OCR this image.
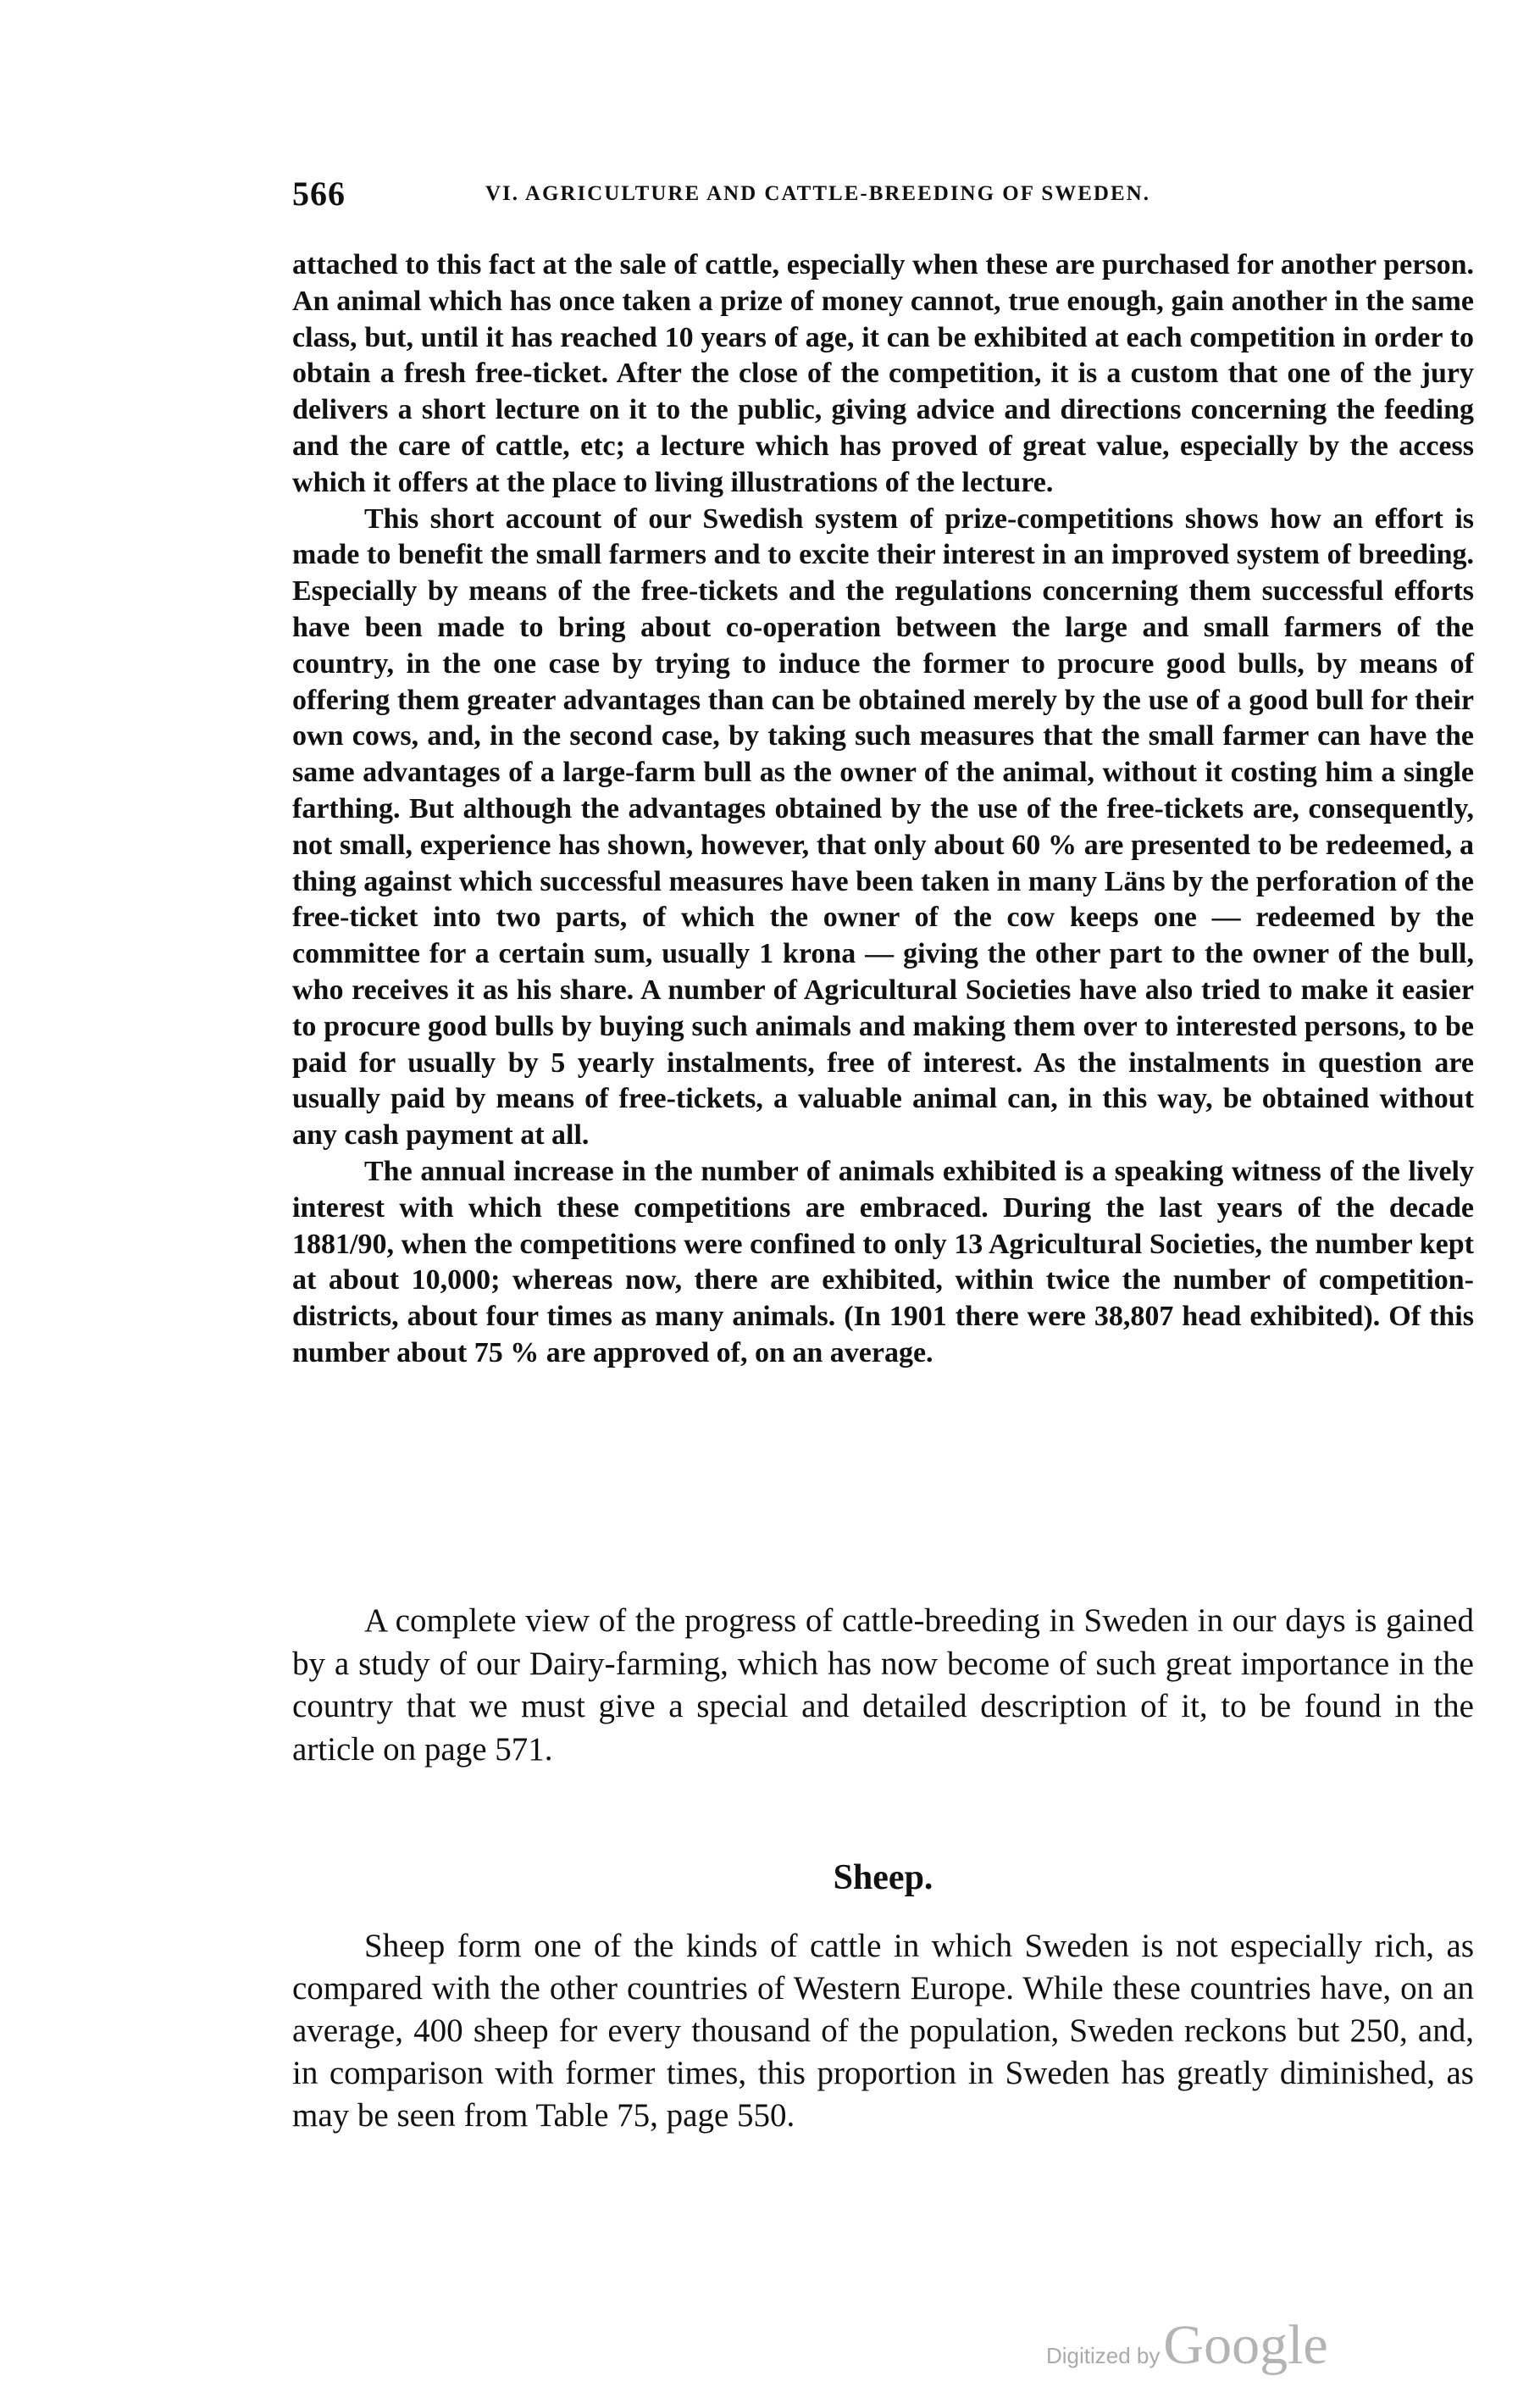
566	VI. AGRICULTURE AND CATTLE-BREEDING OF SWEDEN.

attached to this fact at the sale of cattle, especially when these are purchased for another person. An animal which has once taken a prize of money cannot, true enough, gain another in the same class, but, until it has reached 10 years of age, it can be exhibited at each competition in order to obtain a fresh free-ticket. After the close of the competition, it is a custom that one of the jury delivers a short lecture on it to the public, giving advice and directions concerning the feeding and the care of cattle, etc; a lecture which has proved of great value, especially by the access which it offers at the place to living illustrations of the lecture.

This short account of our Swedish system of prize-competitions shows how an effort is made to benefit the small farmers and to excite their interest in an improved system of breeding. Especially by means of the free-tickets and the regulations concerning them successful efforts have been made to bring about co-operation between the large and small farmers of the country, in the one case by trying to induce the former to procure good bulls, by means of offering them greater advantages than can be obtained merely by the use of a good bull for their own cows, and, in the second case, by taking such measures that the small farmer can have the same advantages of a large-farm bull as the owner of the animal, without it costing him a single farthing. But although the advantages obtained by the use of the free-tickets are, consequently, not small, experience has shown, however, that only about 60 % are presented to be redeemed, a thing against which successful measures have been taken in many Läns by the perforation of the free-ticket into two parts, of which the owner of the cow keeps one — redeemed by the committee for a certain sum, usually 1 krona — giving the other part to the owner of the bull, who receives it as his share. A number of Agricultural Societies have also tried to make it easier to procure good bulls by buying such animals and making them over to interested persons, to be paid for usually by 5 yearly instalments, free of interest. As the instalments in question are usually paid by means of free-tickets, a valuable animal can, in this way, be obtained without any cash payment at all.

The annual increase in the number of animals exhibited is a speaking witness of the lively interest with which these competitions are embraced. During the last years of the decade 1881/90, when the competitions were confined to only 13 Agricultural Societies, the number kept at about 10,000; whereas now, there are exhibited, within twice the number of competition-districts, about four times as many animals. (In 1901 there were 38,807 head exhibited). Of this number about 75 % are approved of, on an average.

A complete view of the progress of cattle-breeding in Sweden in our days is gained by a study of our Dairy-farming, which has now become of such great importance in the country that we must give a special and detailed description of it, to be found in the article on page 571.

Sheep.

Sheep form one of the kinds of cattle in which Sweden is not especially rich, as compared with the other countries of Western Europe. While these countries have, on an average, 400 sheep for every thousand of the population, Sweden reckons but 250, and, in comparison with former times, this proportion in Sweden has greatly diminished, as may be seen from Table 75, page 550.

Digitized by Google
